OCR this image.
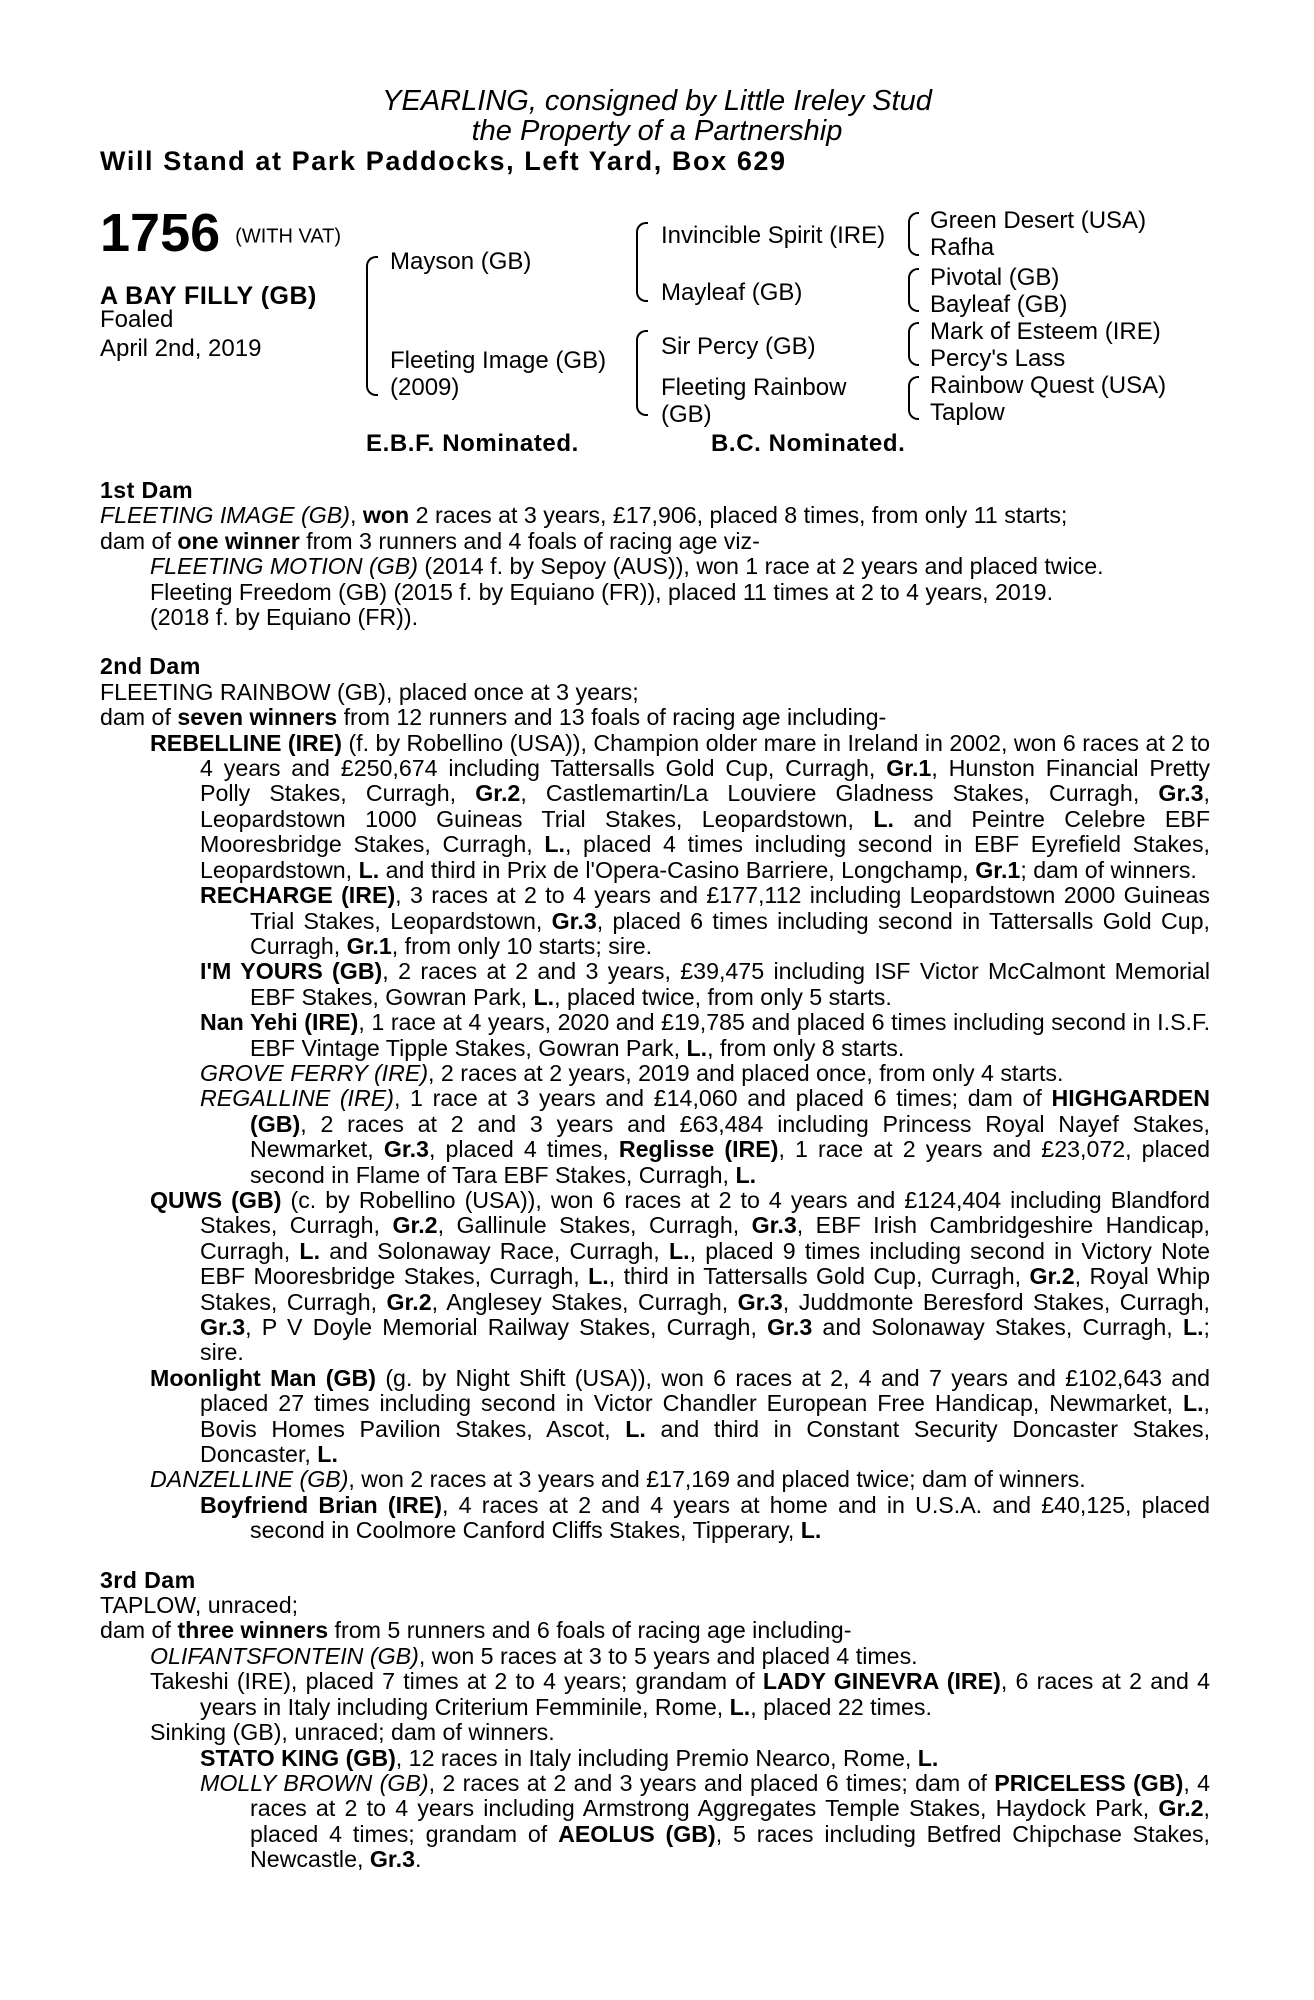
YEARLING, consigned by Little Ireley Stud
the Property of a Partnership
Will Stand at Park Paddocks, Left Yard, Box 629
1756 (WITH VAT)
A BAY FILLY (GB)
Foaled
April 2nd, 2019
Mayson (GB)
Fleeting Image (GB)
(2009)
Invincible Spirit (IRE)
Mayleaf (GB)
Sir Percy (GB)
Fleeting Rainbow
(GB)
Green Desert (USA)
Rafha
Pivotal (GB)
Bayleaf (GB)
Mark of Esteem (IRE)
Percy's Lass
Rainbow Quest (USA)
Taplow
E.B.F. Nominated.	B.C. Nominated.
1st Dam
FLEETING IMAGE (GB), won 2 races at 3 years, £17,906, placed 8 times, from only 11 starts;
dam of one winner from 3 runners and 4 foals of racing age viz-
FLEETING MOTION (GB) (2014 f. by Sepoy (AUS)), won 1 race at 2 years and placed twice.
Fleeting Freedom (GB) (2015 f. by Equiano (FR)), placed 11 times at 2 to 4 years, 2019.
(2018 f. by Equiano (FR)).
2nd Dam
FLEETING RAINBOW (GB), placed once at 3 years;
dam of seven winners from 12 runners and 13 foals of racing age including-
REBELLINE (IRE) (f. by Robellino (USA)), Champion older mare in Ireland in 2002, won 6 races at 2 to 4 years and £250,674 including Tattersalls Gold Cup, Curragh, Gr.1, Hunston Financial Pretty Polly Stakes, Curragh, Gr.2, Castlemartin/La Louviere Gladness Stakes, Curragh, Gr.3, Leopardstown 1000 Guineas Trial Stakes, Leopardstown, L. and Peintre Celebre EBF Mooresbridge Stakes, Curragh, L., placed 4 times including second in EBF Eyrefield Stakes, Leopardstown, L. and third in Prix de l'Opera-Casino Barriere, Longchamp, Gr.1; dam of winners.
RECHARGE (IRE), 3 races at 2 to 4 years and £177,112 including Leopardstown 2000 Guineas Trial Stakes, Leopardstown, Gr.3, placed 6 times including second in Tattersalls Gold Cup, Curragh, Gr.1, from only 10 starts; sire.
I'M YOURS (GB), 2 races at 2 and 3 years, £39,475 including ISF Victor McCalmont Memorial EBF Stakes, Gowran Park, L., placed twice, from only 5 starts.
Nan Yehi (IRE), 1 race at 4 years, 2020 and £19,785 and placed 6 times including second in I.S.F. EBF Vintage Tipple Stakes, Gowran Park, L., from only 8 starts.
GROVE FERRY (IRE), 2 races at 2 years, 2019 and placed once, from only 4 starts.
REGALLINE (IRE), 1 race at 3 years and £14,060 and placed 6 times; dam of HIGHGARDEN (GB), 2 races at 2 and 3 years and £63,484 including Princess Royal Nayef Stakes, Newmarket, Gr.3, placed 4 times, Reglisse (IRE), 1 race at 2 years and £23,072, placed second in Flame of Tara EBF Stakes, Curragh, L.
QUWS (GB) (c. by Robellino (USA)), won 6 races at 2 to 4 years and £124,404 including Blandford Stakes, Curragh, Gr.2, Gallinule Stakes, Curragh, Gr.3, EBF Irish Cambridgeshire Handicap, Curragh, L. and Solonaway Race, Curragh, L., placed 9 times including second in Victory Note EBF Mooresbridge Stakes, Curragh, L., third in Tattersalls Gold Cup, Curragh, Gr.2, Royal Whip Stakes, Curragh, Gr.2, Anglesey Stakes, Curragh, Gr.3, Juddmonte Beresford Stakes, Curragh, Gr.3, P V Doyle Memorial Railway Stakes, Curragh, Gr.3 and Solonaway Stakes, Curragh, L.; sire.
Moonlight Man (GB) (g. by Night Shift (USA)), won 6 races at 2, 4 and 7 years and £102,643 and placed 27 times including second in Victor Chandler European Free Handicap, Newmarket, L., Bovis Homes Pavilion Stakes, Ascot, L. and third in Constant Security Doncaster Stakes, Doncaster, L.
DANZELLINE (GB), won 2 races at 3 years and £17,169 and placed twice; dam of winners.
Boyfriend Brian (IRE), 4 races at 2 and 4 years at home and in U.S.A. and £40,125, placed second in Coolmore Canford Cliffs Stakes, Tipperary, L.
3rd Dam
TAPLOW, unraced;
dam of three winners from 5 runners and 6 foals of racing age including-
OLIFANTSFONTEIN (GB), won 5 races at 3 to 5 years and placed 4 times.
Takeshi (IRE), placed 7 times at 2 to 4 years; grandam of LADY GINEVRA (IRE), 6 races at 2 and 4 years in Italy including Criterium Femminile, Rome, L., placed 22 times.
Sinking (GB), unraced; dam of winners.
STATO KING (GB), 12 races in Italy including Premio Nearco, Rome, L.
MOLLY BROWN (GB), 2 races at 2 and 3 years and placed 6 times; dam of PRICELESS (GB), 4 races at 2 to 4 years including Armstrong Aggregates Temple Stakes, Haydock Park, Gr.2, placed 4 times; grandam of AEOLUS (GB), 5 races including Betfred Chipchase Stakes, Newcastle, Gr.3.
